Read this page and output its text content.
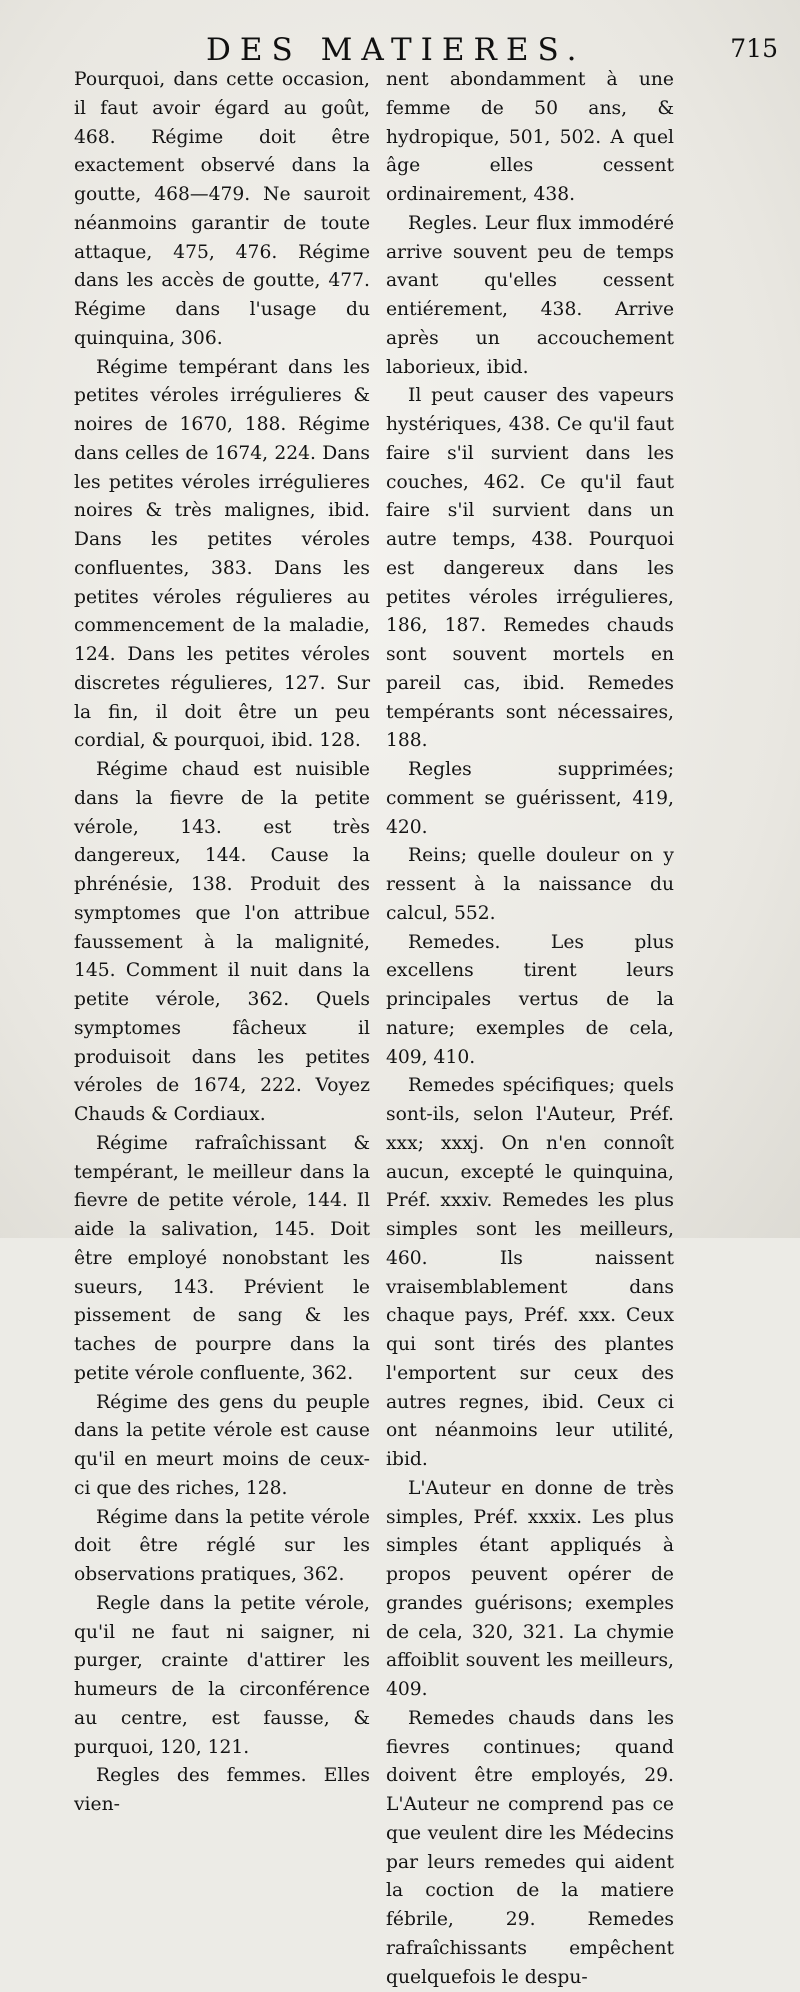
DES MATIERES.	715

Pourquoi, dans cette occasion, il faut avoir égard au goût, 468. Régime doit être exactement observé dans la goutte, 468—479. Ne sauroit néanmoins garantir de toute attaque, 475, 476. Régime dans les accès de goutte, 477. Régime dans l'usage du quinquina, 306.

Régime tempérant dans les petites véroles irrégulieres & noires de 1670, 188. Régime dans celles de 1674, 224. Dans les petites véroles irrégulieres noires & très malignes, ibid. Dans les petites véroles confluentes, 383. Dans les petites véroles régulieres au commencement de la maladie, 124. Dans les petites véroles discretes régulieres, 127. Sur la fin, il doit être un peu cordial, & pourquoi, ibid. 128.

Régime chaud est nuisible dans la fievre de la petite vérole, 143. est très dangereux, 144. Cause la phrénésie, 138. Produit des symptomes que l'on attribue faussement à la malignité, 145. Comment il nuit dans la petite vérole, 362. Quels symptomes fâcheux il produisoit dans les petites véroles de 1674, 222. Voyez Chauds & Cordiaux.

Régime rafraîchissant & tempérant, le meilleur dans la fievre de petite vérole, 144. Il aide la salivation, 145. Doit être employé nonobstant les sueurs, 143. Prévient le pissement de sang & les taches de pourpre dans la petite vérole confluente, 362.

Régime des gens du peuple dans la petite vérole est cause qu'il en meurt moins de ceux-ci que des riches, 128.

Régime dans la petite vérole doit être réglé sur les observations pratiques, 362.

Regle dans la petite vérole, qu'il ne faut ni saigner, ni purger, crainte d'attirer les humeurs de la circonférence au centre, est fausse, & purquoi, 120, 121.

Regles des femmes. Elles vien-

nent abondamment à une femme de 50 ans, & hydropique, 501, 502. A quel âge elles cessent ordinairement, 438.

Regles. Leur flux immodéré arrive souvent peu de temps avant qu'elles cessent entiérement, 438. Arrive après un accouchement laborieux, ibid.

Il peut causer des vapeurs hystériques, 438. Ce qu'il faut faire s'il survient dans les couches, 462. Ce qu'il faut faire s'il survient dans un autre temps, 438. Pourquoi est dangereux dans les petites véroles irrégulieres, 186, 187. Remedes chauds sont souvent mortels en pareil cas, ibid. Remedes tempérants sont nécessaires, 188.

Regles supprimées; comment se guérissent, 419, 420.

Reins; quelle douleur on y ressent à la naissance du calcul, 552.

Remedes. Les plus excellens tirent leurs principales vertus de la nature; exemples de cela, 409, 410.

Remedes spécifiques; quels sont-ils, selon l'Auteur, Préf. xxx; xxxj. On n'en connoît aucun, excepté le quinquina, Préf. xxxiv. Remedes les plus simples sont les meilleurs, 460. Ils naissent vraisemblablement dans chaque pays, Préf. xxx. Ceux qui sont tirés des plantes l'emportent sur ceux des autres regnes, ibid. Ceux ci ont néanmoins leur utilité, ibid.

L'Auteur en donne de très simples, Préf. xxxix. Les plus simples étant appliqués à propos peuvent opérer de grandes guérisons; exemples de cela, 320, 321. La chymie affoiblit souvent les meilleurs, 409.

Remedes chauds dans les fievres continues; quand doivent être employés, 29. L'Auteur ne comprend pas ce que veulent dire les Médecins par leurs remedes qui aident la coction de la matiere fébrile, 29. Remedes rafraîchissants empêchent quelquefois le despu-
